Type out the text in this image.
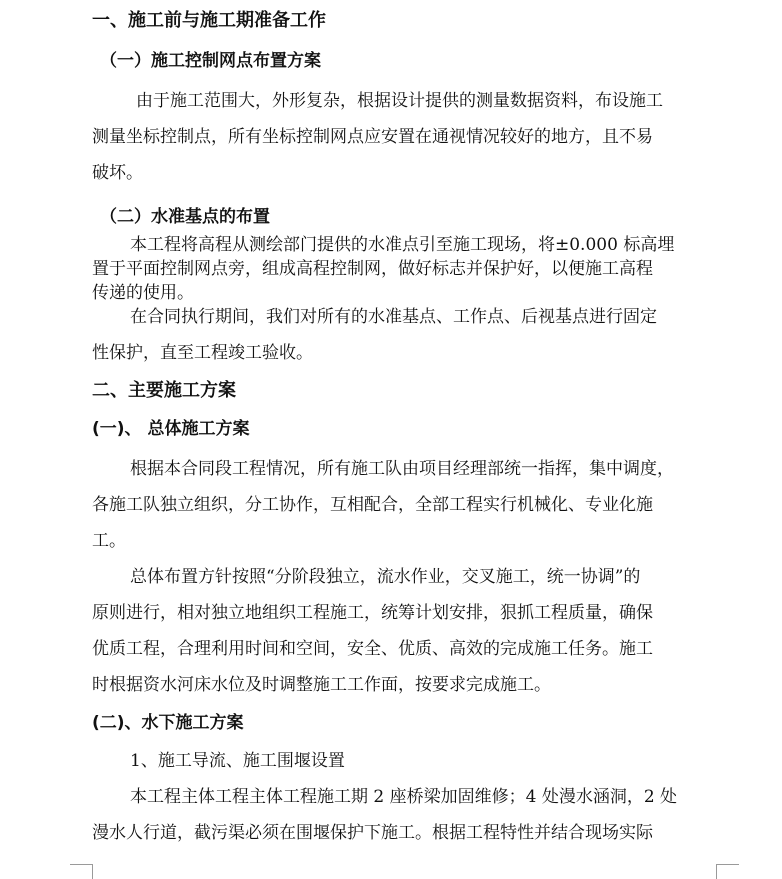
一、施工前与施工期准备工作
（一）施工控制网点布置方案
由于施工范围大，外形复杂，根据设计提供的测量数据资料，布设施工
测量坐标控制点，所有坐标控制网点应安置在通视情况较好的地方，且不易
破坏。
（二）水准基点的布置
本工程将高程从测绘部门提供的水准点引至施工现场，将±0.000 标高埋
置于平面控制网点旁，组成高程控制网，做好标志并保护好，以便施工高程
传递的使用。
在合同执行期间，我们对所有的水准基点、工作点、后视基点进行固定
性保护，直至工程竣工验收。
二、主要施工方案
(一)、 总体施工方案
根据本合同段工程情况，所有施工队由项目经理部统一指挥，集中调度，
各施工队独立组织，分工协作，互相配合，全部工程实行机械化、专业化施
工。
总体布置方针按照“分阶段独立，流水作业，交叉施工，统一协调”的
原则进行，相对独立地组织工程施工，统筹计划安排，狠抓工程质量，确保
优质工程，合理利用时间和空间，安全、优质、高效的完成施工任务。施工
时根据资水河床水位及时调整施工工作面，按要求完成施工。
(二)、水下施工方案
1、施工导流、施工围堰设置
本工程主体工程主体工程施工期 2 座桥梁加固维修；4 处漫水涵洞，2 处
漫水人行道，截污渠必须在围堰保护下施工。根据工程特性并结合现场实际
